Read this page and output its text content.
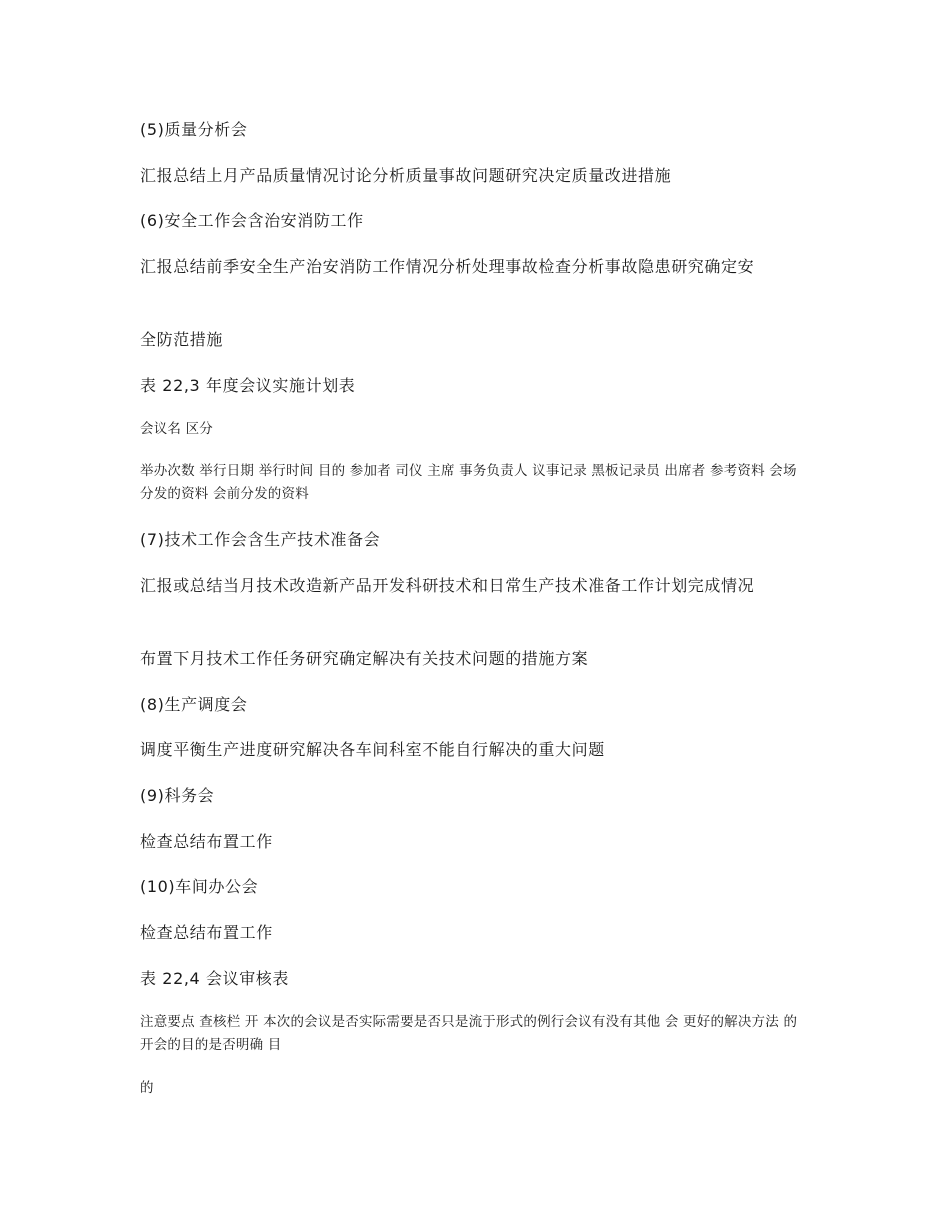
(5)质量分析会

汇报总结上月产品质量情况讨论分析质量事故问题研究决定质量改进措施

(6)安全工作会含治安消防工作

汇报总结前季安全生产治安消防工作情况分析处理事故检查分析事故隐患研究确定安

全防范措施

表 22,3 年度会议实施计划表

会议名 区分

举办次数 举行日期 举行时间 目的 参加者 司仪 主席 事务负责人 议事记录 黑板记录员 出席者 参考资料 会场分发的资料 会前分发的资料

(7)技术工作会含生产技术准备会

汇报或总结当月技术改造新产品开发科研技术和日常生产技术准备工作计划完成情况

布置下月技术工作任务研究确定解决有关技术问题的措施方案

(8)生产调度会

调度平衡生产进度研究解决各车间科室不能自行解决的重大问题

(9)科务会

检查总结布置工作

(10)车间办公会

检查总结布置工作

表 22,4 会议审核表

注意要点 查核栏 开 本次的会议是否实际需要是否只是流于形式的例行会议有没有其他 会 更好的解决方法 的 开会的目的是否明确 目

的
